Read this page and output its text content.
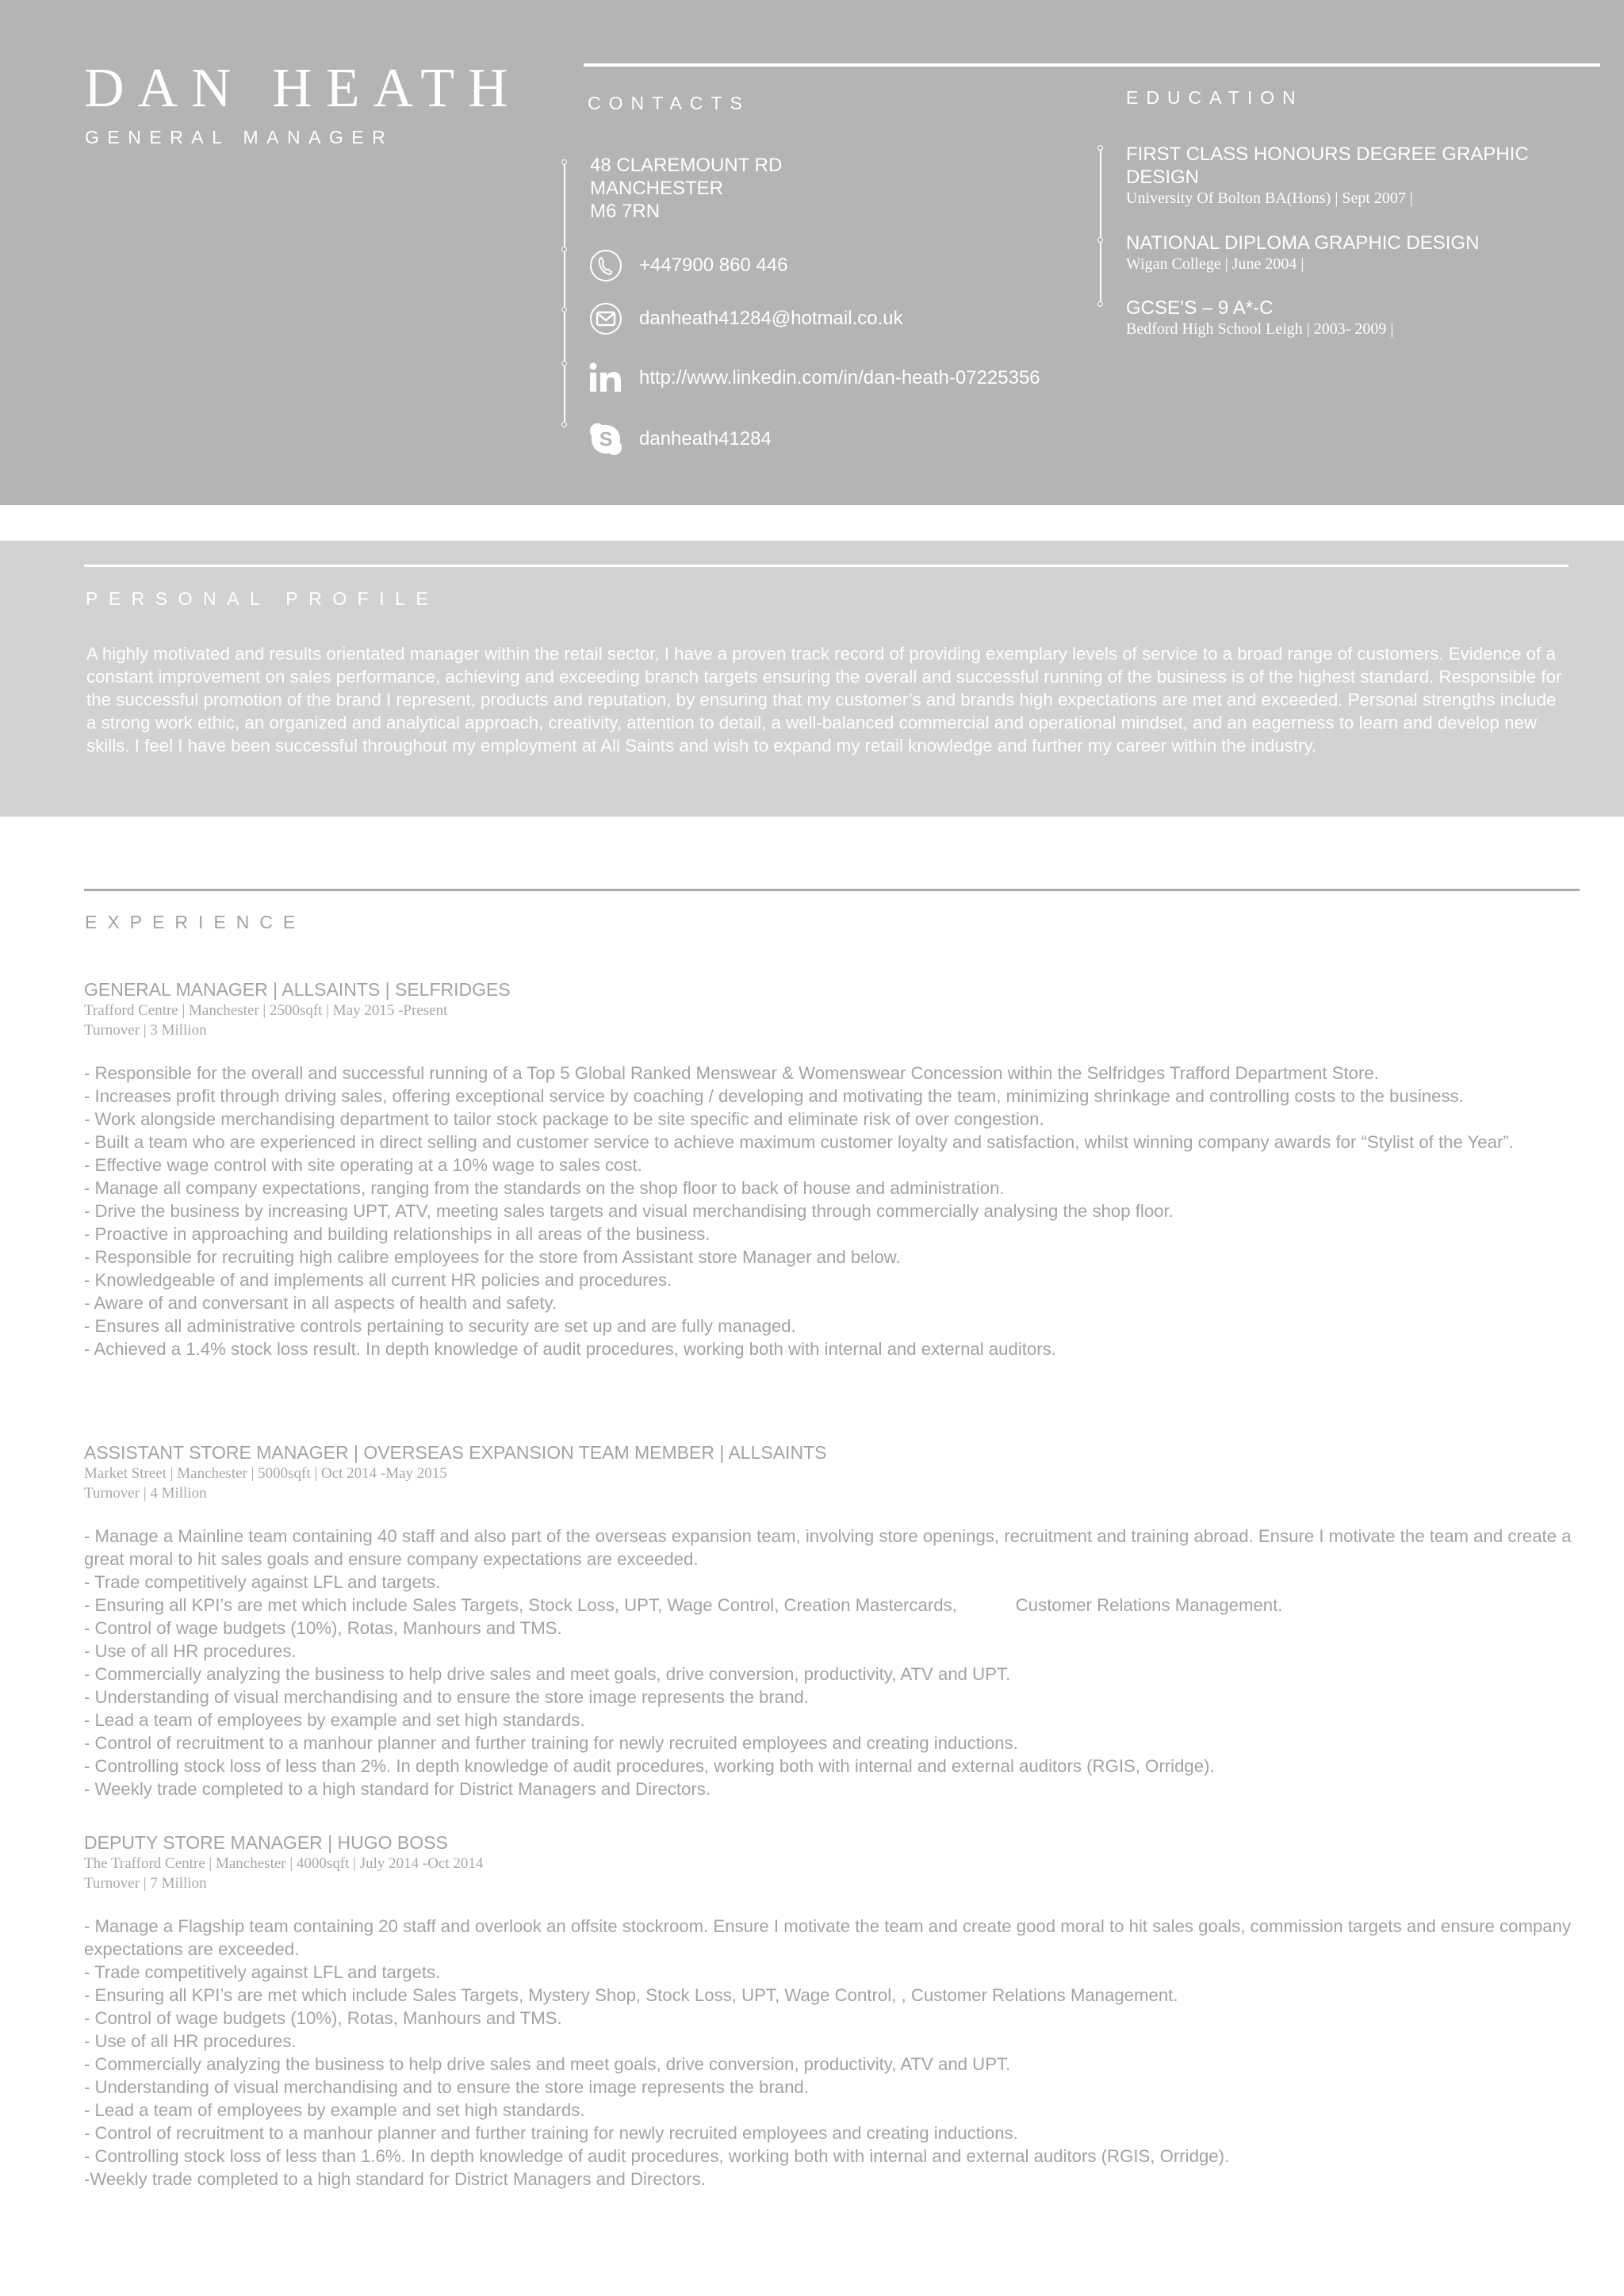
DAN HEATH
GENERAL MANAGER
CONTACTS
48 CLAREMOUNT RD
MANCHESTER
M6 7RN
+447900 860 446
danheath41284@hotmail.co.uk
http://www.linkedin.com/in/dan-heath-07225356
S danheath41284
EDUCATION
FIRST CLASS HONOURS DEGREE GRAPHIC DESIGN
University Of Bolton BA(Hons) | Sept 2007 |
NATIONAL DIPLOMA GRAPHIC DESIGN
Wigan College | June 2004 |
GCSE’S – 9 A*-C
Bedford High School Leigh | 2003- 2009 |
PERSONAL PROFILE
A highly motivated and results orientated manager within the retail sector, I have a proven track record of providing exemplary levels of service to a broad range of customers. Evidence of a constant improvement on sales performance, achieving and exceeding branch targets ensuring the overall and successful running of the business is of the highest standard. Responsible for the successful promotion of the brand I represent, products and reputation, by ensuring that my customer’s and brands high expectations are met and exceeded. Personal strengths include a strong work ethic, an organized and analytical approach, creativity, attention to detail, a well-balanced commercial and operational mindset, and an eagerness to learn and develop new skills. I feel I have been successful throughout my employment at All Saints and wish to expand my retail knowledge and further my career within the industry.
EXPERIENCE
GENERAL MANAGER | ALLSAINTS | SELFRIDGES
Trafford Centre | Manchester | 2500sqft | May 2015 -Present
Turnover | 3 Million
- Responsible for the overall and successful running of a Top 5 Global Ranked Menswear & Womenswear Concession within the Selfridges Trafford Department Store.
- Increases profit through driving sales, offering exceptional service by coaching / developing and motivating the team, minimizing shrinkage and controlling costs to the business.
- Work alongside merchandising department to tailor stock package to be site specific and eliminate risk of over congestion.
- Built a team who are experienced in direct selling and customer service to achieve maximum customer loyalty and satisfaction, whilst winning company awards for “Stylist of the Year”.
- Effective wage control with site operating at a 10% wage to sales cost.
- Manage all company expectations, ranging from the standards on the shop floor to back of house and administration.
- Drive the business by increasing UPT, ATV, meeting sales targets and visual merchandising through commercially analysing the shop floor.
- Proactive in approaching and building relationships in all areas of the business.
- Responsible for recruiting high calibre employees for the store from Assistant store Manager and below.
- Knowledgeable of and implements all current HR policies and procedures.
- Aware of and conversant in all aspects of health and safety.
- Ensures all administrative controls pertaining to security are set up and are fully managed.
- Achieved a 1.4% stock loss result. In depth knowledge of audit procedures, working both with internal and external auditors.
ASSISTANT STORE MANAGER | OVERSEAS EXPANSION TEAM MEMBER | ALLSAINTS
Market Street | Manchester | 5000sqft | Oct 2014 -May 2015
Turnover | 4 Million
- Manage a Mainline team containing 40 staff and also part of the overseas expansion team, involving store openings, recruitment and training abroad. Ensure I motivate the team and create a great moral to hit sales goals and ensure company expectations are exceeded.
- Trade competitively against LFL and targets.
- Ensuring all KPI’s are met which include Sales Targets, Stock Loss, UPT, Wage Control, Creation Mastercards,            Customer Relations Management.
- Control of wage budgets (10%), Rotas, Manhours and TMS.
- Use of all HR procedures.
- Commercially analyzing the business to help drive sales and meet goals, drive conversion, productivity, ATV and UPT.
- Understanding of visual merchandising and to ensure the store image represents the brand.
- Lead a team of employees by example and set high standards.
- Control of recruitment to a manhour planner and further training for newly recruited employees and creating inductions.
- Controlling stock loss of less than 2%. In depth knowledge of audit procedures, working both with internal and external auditors (RGIS, Orridge).
- Weekly trade completed to a high standard for District Managers and Directors.
DEPUTY STORE MANAGER | HUGO BOSS
The Trafford Centre | Manchester | 4000sqft | July 2014 -Oct 2014
Turnover | 7 Million
- Manage a Flagship team containing 20 staff and overlook an offsite stockroom. Ensure I motivate the team and create good moral to hit sales goals, commission targets and ensure company expectations are exceeded.
- Trade competitively against LFL and targets.
- Ensuring all KPI’s are met which include Sales Targets, Mystery Shop, Stock Loss, UPT, Wage Control, , Customer Relations Management.
- Control of wage budgets (10%), Rotas, Manhours and TMS.
- Use of all HR procedures.
- Commercially analyzing the business to help drive sales and meet goals, drive conversion, productivity, ATV and UPT.
- Understanding of visual merchandising and to ensure the store image represents the brand.
- Lead a team of employees by example and set high standards.
- Control of recruitment to a manhour planner and further training for newly recruited employees and creating inductions.
- Controlling stock loss of less than 1.6%. In depth knowledge of audit procedures, working both with internal and external auditors (RGIS, Orridge).
-Weekly trade completed to a high standard for District Managers and Directors.
